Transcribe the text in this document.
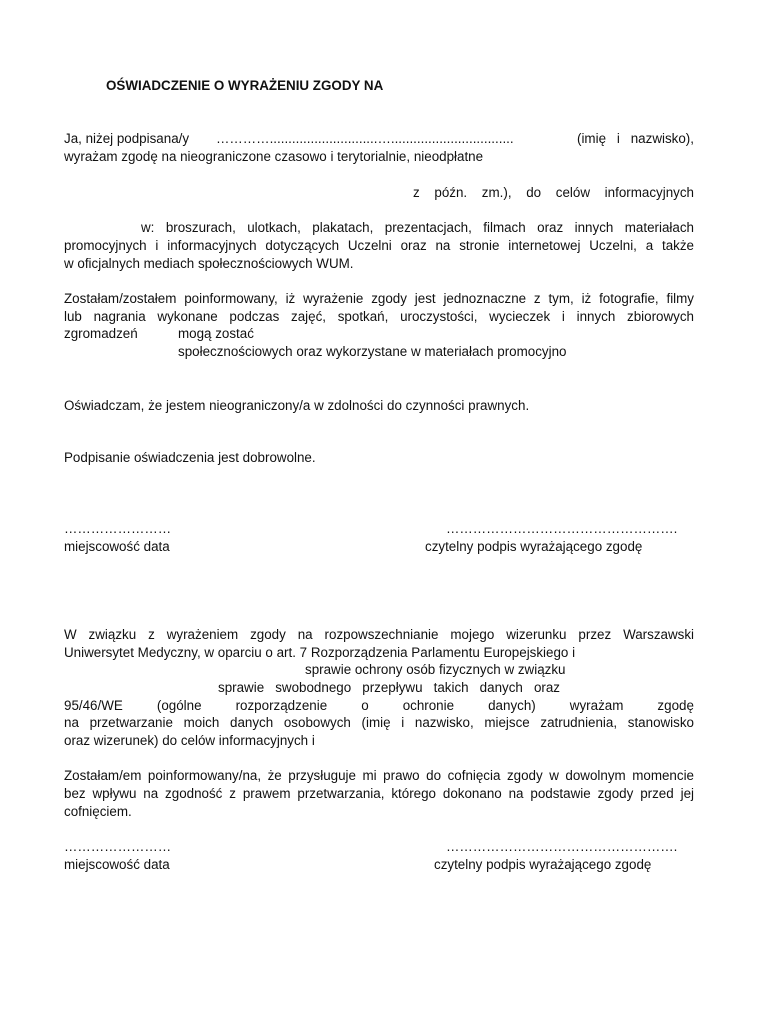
OŚWIADCZENIE O WYRAŻENIU ZGODY NA
Ja, niżej podpisana/y ………….............................….................................	(imię i nazwisko),
wyrażam zgodę na nieograniczone czasowo i terytorialnie, nieodpłatne
z późn. zm.), do celów informacyjnych
w: broszurach, ulotkach, plakatach, prezentacjach, filmach oraz innych materiałach
promocyjnych i informacyjnych dotyczących Uczelni oraz na stronie internetowej Uczelni, a także
w oficjalnych mediach społecznościowych WUM.
Zostałam/zostałem poinformowany, iż wyrażenie zgody jest jednoznaczne z tym, iż fotografie, filmy
lub nagrania wykonane podczas zajęć, spotkań, uroczystości, wycieczek i innych zbiorowych
zgromadzeń	mogą zostać
społecznościowych oraz wykorzystane w materiałach promocyjno
Oświadczam, że jestem nieograniczony/a w zdolności do czynności prawnych.
Podpisanie oświadczenia jest dobrowolne.
……………………	…………………………………………….
miejscowość data	czytelny podpis wyrażającego zgodę
W związku z wyrażeniem zgody na rozpowszechnianie mojego wizerunku przez Warszawski
Uniwersytet Medyczny, w oparciu o art. 7 Rozporządzenia Parlamentu Europejskiego i
sprawie ochrony osób fizycznych w związku
sprawie swobodnego przepływu takich danych oraz
95/46/WE	(ogólne	rozporządzenie	o	ochronie	danych)	wyrażam	zgodę
na przetwarzanie moich danych osobowych (imię i nazwisko, miejsce zatrudnienia, stanowisko
oraz wizerunek) do celów informacyjnych i
Zostałam/em poinformowany/na, że przysługuje mi prawo do cofnięcia zgody w dowolnym momencie
bez wpływu na zgodność z prawem przetwarzania, którego dokonano na podstawie zgody przed jej
cofnięciem.
……………………	…………………………………………….
miejscowość data	czytelny podpis wyrażającego zgodę
